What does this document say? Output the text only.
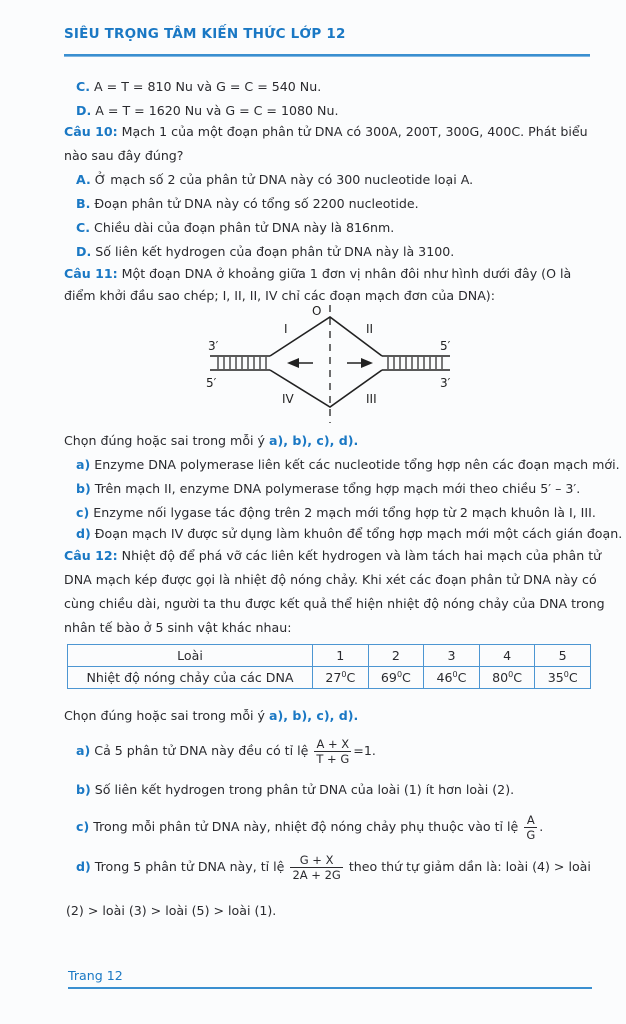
SIÊU TRỌNG TÂM KIẾN THỨC LỚP 12
C. A = T = 810 Nu và G = C = 540 Nu.
D. A = T = 1620 Nu và G = C = 1080 Nu.
Câu 10: Mạch 1 của một đoạn phân tử DNA có 300A, 200T, 300G, 400C. Phát biểu
nào sau đây đúng?
A. Ở mạch số 2 của phân tử DNA này có 300 nucleotide loại A.
B. Đoạn phân tử DNA này có tổng số 2200 nucleotide.
C. Chiều dài của đoạn phân tử DNA này là 816nm.
D. Số liên kết hydrogen của đoạn phân tử DNA này là 3100.
Câu 11: Một đoạn DNA ở khoảng giữa 1 đơn vị nhân đôi như hình dưới đây (O là
điểm khởi đầu sao chép; I, II, II, IV chỉ các đoạn mạch đơn của DNA):
O
I	II
III
IV
3′
5′
5′
3′
Chọn đúng hoặc sai trong mỗi ý a), b), c), d).
a) Enzyme DNA polymerase liên kết các nucleotide tổng hợp nên các đoạn mạch mới.
b) Trên mạch II, enzyme DNA polymerase tổng hợp mạch mới theo chiều 5′ – 3′.
c) Enzyme nối lygase tác động trên 2 mạch mới tổng hợp từ 2 mạch khuôn là I, III.
d) Đoạn mạch IV được sử dụng làm khuôn để tổng hợp mạch mới một cách gián đoạn.
Câu 12: Nhiệt độ để phá vỡ các liên kết hydrogen và làm tách hai mạch của phân tử
DNA mạch kép được gọi là nhiệt độ nóng chảy. Khi xét các đoạn phân tử DNA này có
cùng chiều dài, người ta thu được kết quả thể hiện nhiệt độ nóng chảy của DNA trong
nhân tế bào ở 5 sinh vật khác nhau:
Loài	1	2	3	4	5
Nhiệt độ nóng chảy của các DNA	$27^0C$	$69^0C$	$46^0C$	$80^0C$	$35^0C$
Chọn đúng hoặc sai trong mỗi ý a), b), c), d).
a) Cả 5 phân tử DNA này đều có tỉ lệ $\frac{A + X}{T + G} =1$.
b) Số liên kết hydrogen trong phân tử DNA của loài (1) ít hơn loài (2).
c) Trong mỗi phân tử DNA này, nhiệt độ nóng chảy phụ thuộc vào tỉ lệ $\frac{A}{G}$ .
d) Trong 5 phân tử DNA này, tỉ lệ $\frac{G + X}{2A + 2G}$ theo thứ tự giảm dần là: loài (4) > loài
(2) > loài (3) > loài (5) > loài (1).
Trang 12
